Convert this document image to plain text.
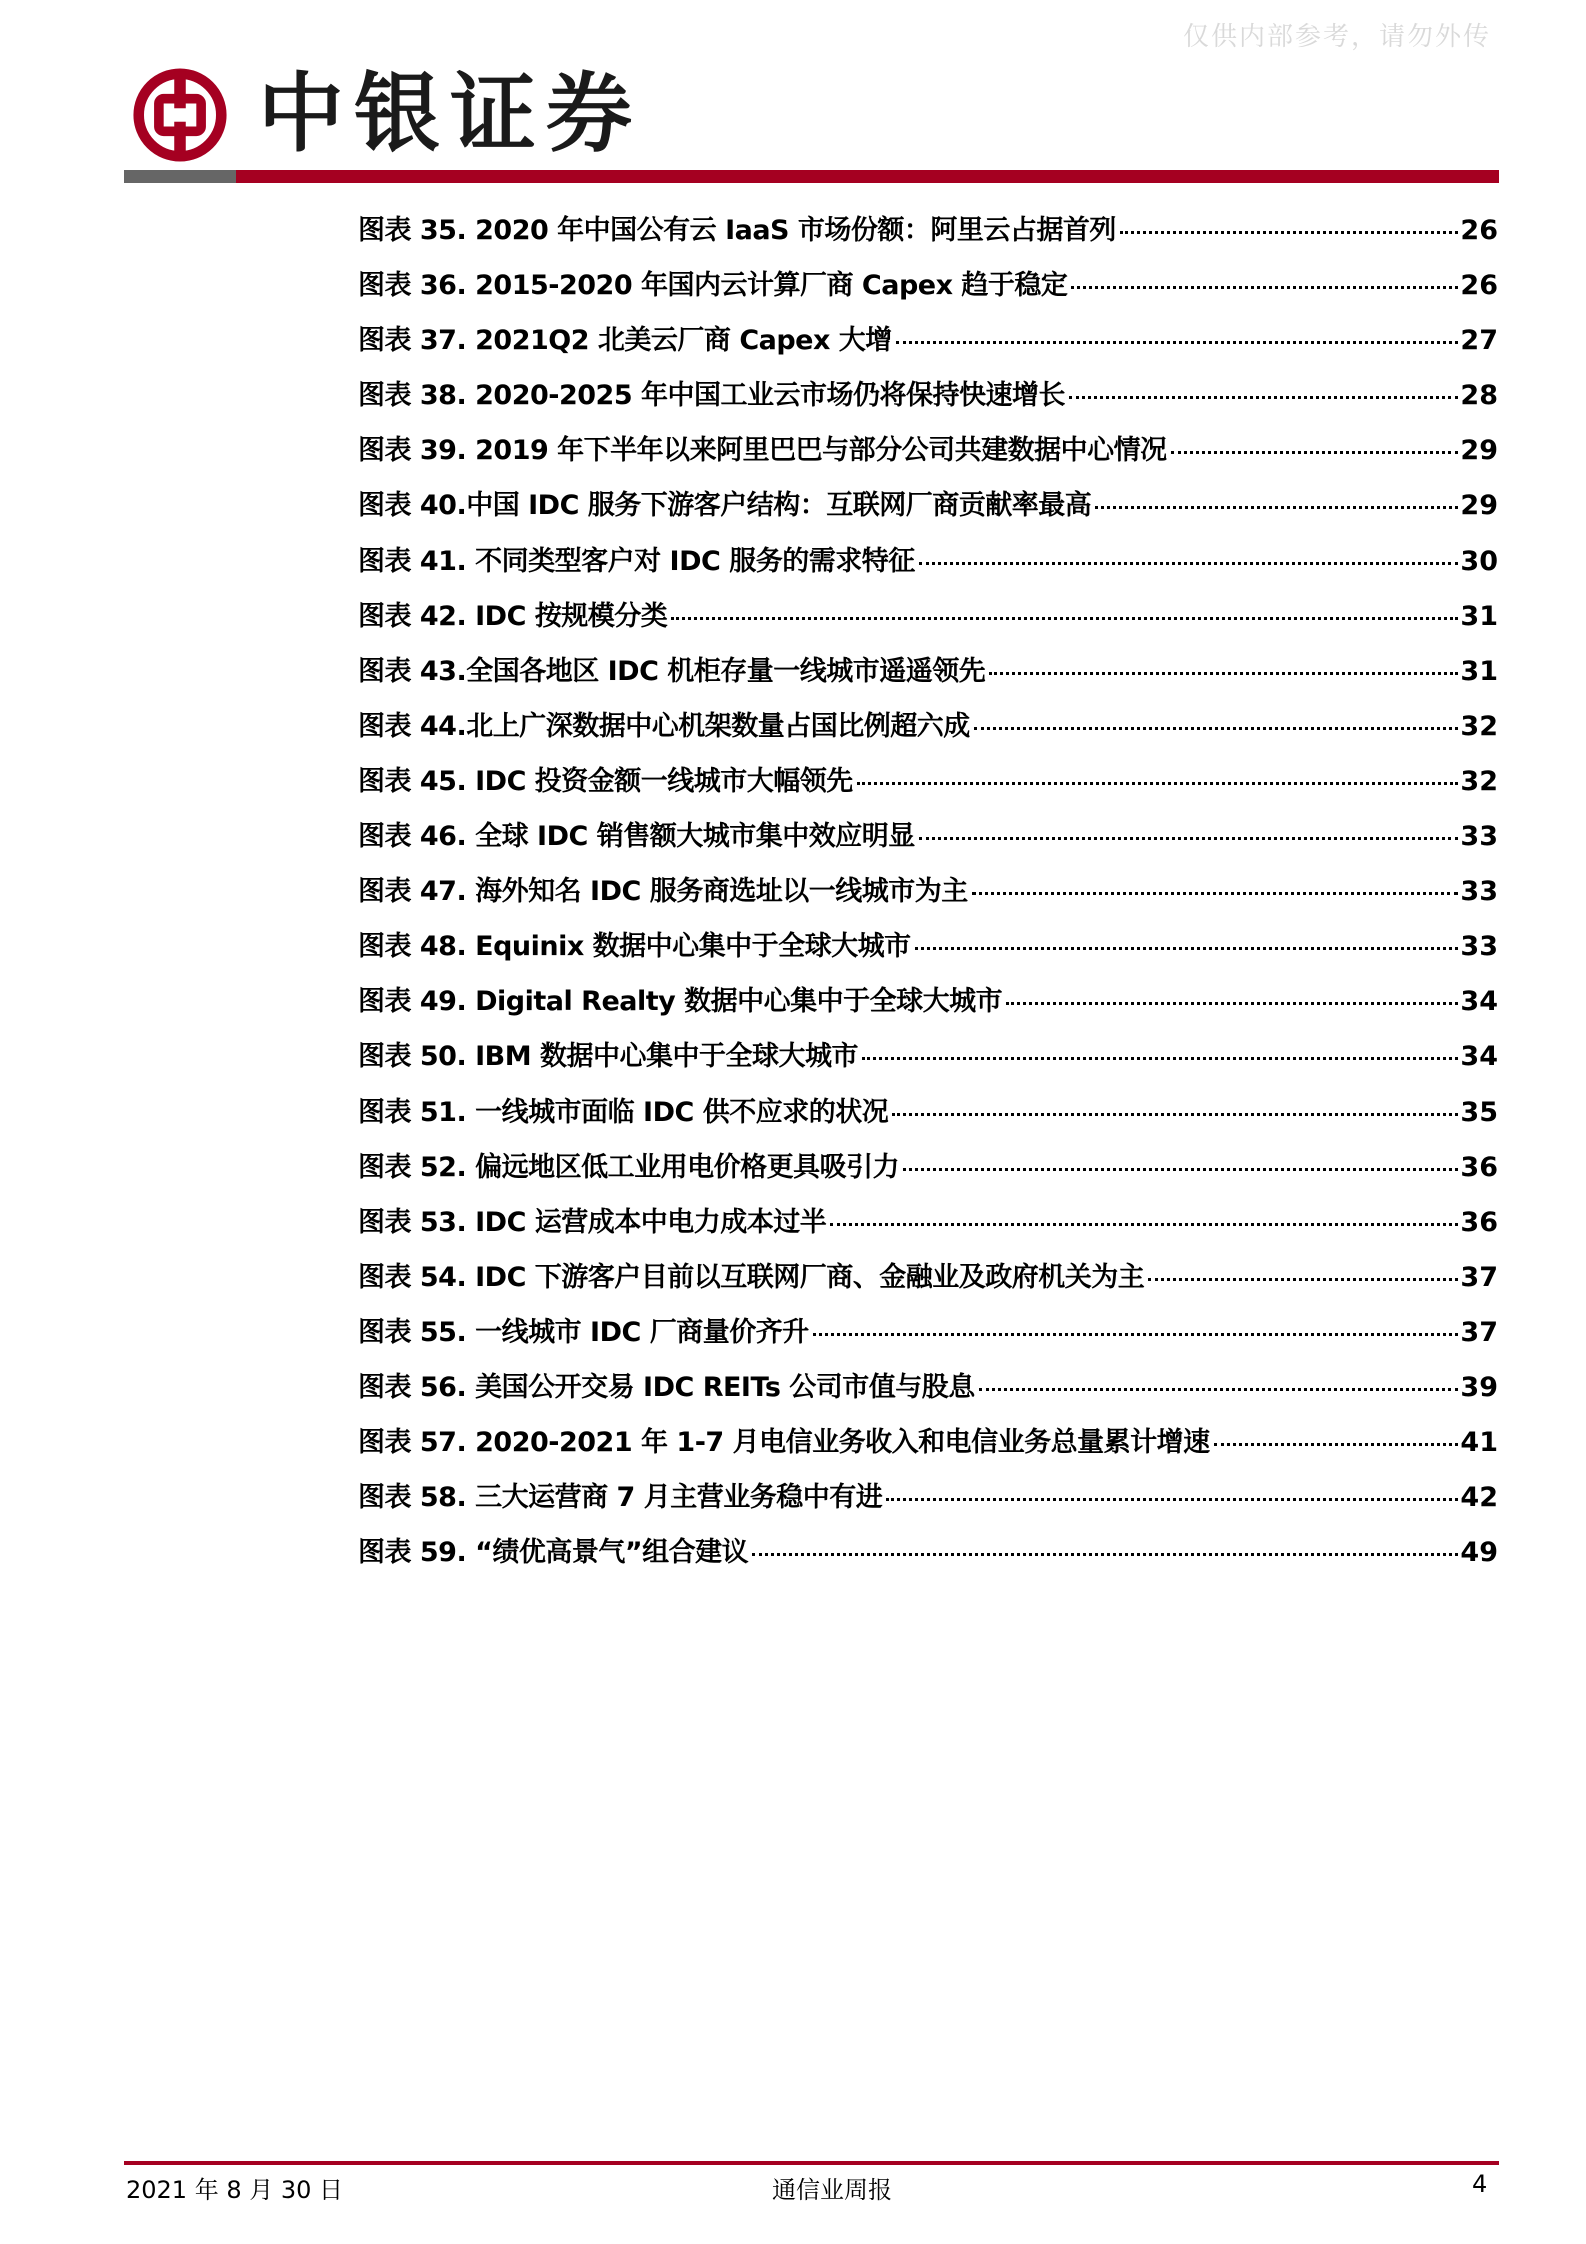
仅供内部参考，请勿外传
中银证券
图表 35. 2020 年中国公有云 IaaS 市场份额：阿里云占据首列	26
图表 36. 2015-2020 年国内云计算厂商 Capex 趋于稳定	26
图表 37. 2021Q2 北美云厂商 Capex 大增	27
图表 38. 2020-2025 年中国工业云市场仍将保持快速增长	28
图表 39. 2019 年下半年以来阿里巴巴与部分公司共建数据中心情况	29
图表 40.中国 IDC 服务下游客户结构：互联网厂商贡献率最高	29
图表 41. 不同类型客户对 IDC 服务的需求特征	30
图表 42. IDC 按规模分类	31
图表 43.全国各地区 IDC 机柜存量一线城市遥遥领先	31
图表 44.北上广深数据中心机架数量占国比例超六成	32
图表 45. IDC 投资金额一线城市大幅领先	32
图表 46. 全球 IDC 销售额大城市集中效应明显	33
图表 47. 海外知名 IDC 服务商选址以一线城市为主	33
图表 48. Equinix 数据中心集中于全球大城市	33
图表 49. Digital Realty 数据中心集中于全球大城市	34
图表 50. IBM 数据中心集中于全球大城市	34
图表 51. 一线城市面临 IDC 供不应求的状况	35
图表 52. 偏远地区低工业用电价格更具吸引力	36
图表 53. IDC 运营成本中电力成本过半	36
图表 54. IDC 下游客户目前以互联网厂商、金融业及政府机关为主	37
图表 55. 一线城市 IDC 厂商量价齐升	37
图表 56. 美国公开交易 IDC REITs 公司市值与股息	39
图表 57. 2020-2021 年 1-7 月电信业务收入和电信业务总量累计增速	41
图表 58. 三大运营商 7 月主营业务稳中有进	42
图表 59. “绩优高景气”组合建议	49
2021 年 8 月 30 日	通信业周报	4
